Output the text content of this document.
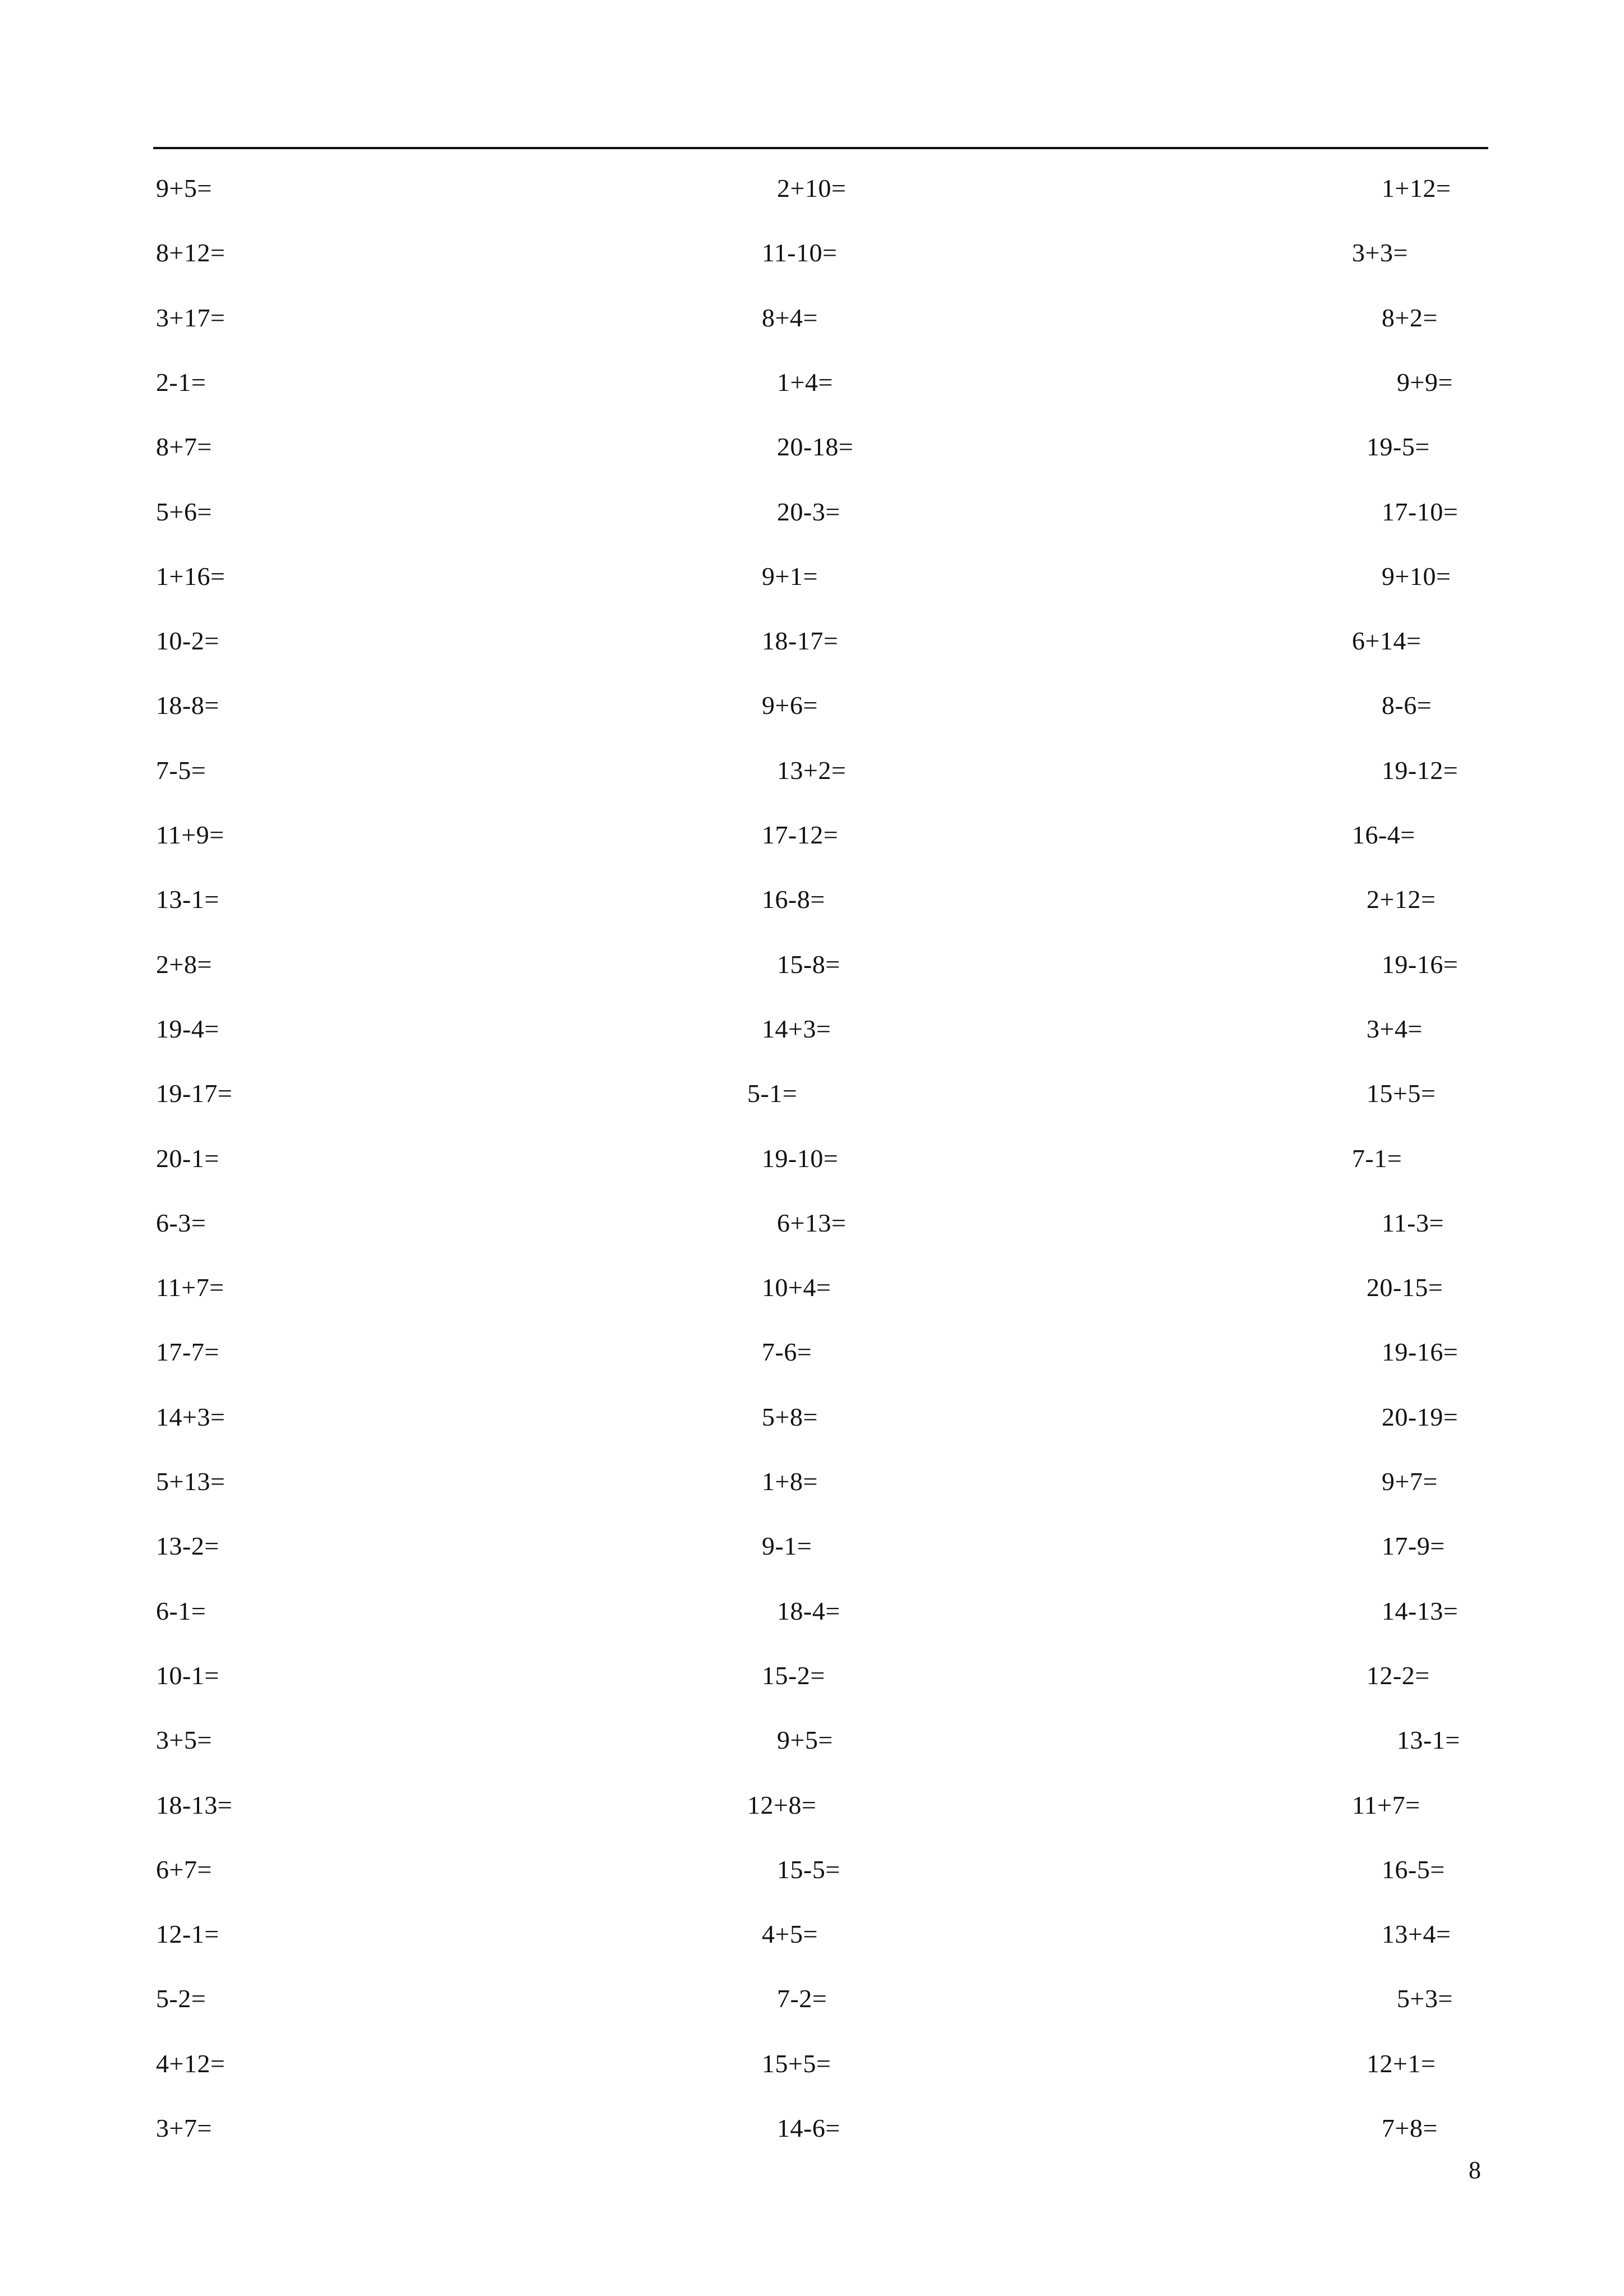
9+5=	2+10=	1+12=
8+12=	11-10=	3+3=
3+17=	8+4=	8+2=
2-1=	1+4=	9+9=
8+7=	20-18=	19-5=
5+6=	20-3=	17-10=
1+16=	9+1=	9+10=
10-2=	18-17=	6+14=
18-8=	9+6=	8-6=
7-5=	13+2=	19-12=
11+9=	17-12=	16-4=
13-1=	16-8=	2+12=
2+8=	15-8=	19-16=
19-4=	14+3=	3+4=
19-17=	5-1=	15+5=
20-1=	19-10=	7-1=
6-3=	6+13=	11-3=
11+7=	10+4=	20-15=
17-7=	7-6=	19-16=
14+3=	5+8=	20-19=
5+13=	1+8=	9+7=
13-2=	9-1=	17-9=
6-1=	18-4=	14-13=
10-1=	15-2=	12-2=
3+5=	9+5=	13-1=
18-13=	12+8=	11+7=
6+7=	15-5=	16-5=
12-1=	4+5=	13+4=
5-2=	7-2=	5+3=
4+12=	15+5=	12+1=
3+7=	14-6=	7+8=
8
